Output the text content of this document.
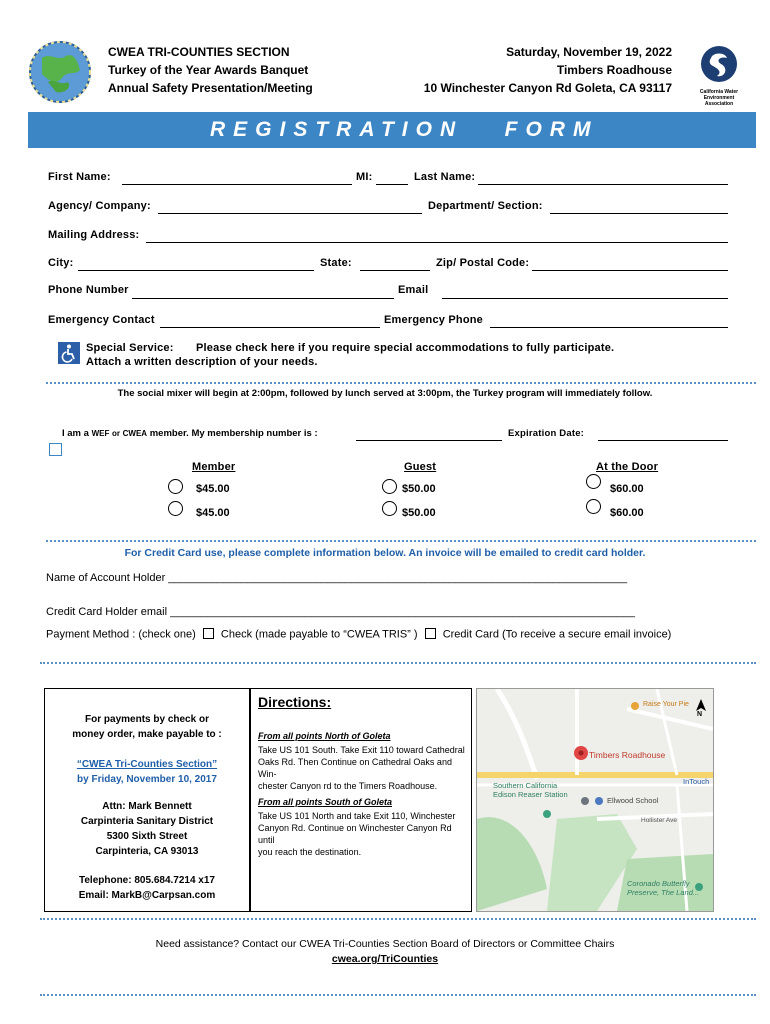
CWEA TRI-COUNTIES SECTION
Turkey of the Year Awards Banquet
Annual Safety Presentation/Meeting
Saturday, November 19, 2022
Timbers Roadhouse
10 Winchester Canyon Rd Goleta, CA 93117	California Water
Environment
Association
REGISTRATION   FORM
First Name:	MI:	Last Name:
Agency/ Company:	Department/ Section:
Mailing Address:
City:	State:	Zip/ Postal Code:
Phone Number	Email
Emergency Contact	Emergency Phone
Special Service: Please check here if you require special accommodations to fully participate.
Attach a written description of your needs.
The social mixer will begin at 2:00pm, followed by lunch served at 3:00pm, the Turkey program will immediately follow.
I am a WEF or CWEA member. My membership number is :	Expiration Date:
Member	Guest	At the Door
$45.00	$50.00	$60.00
$45.00	$50.00	$60.00
For Credit Card use, please complete information below. An invoice will be emailed to credit card holder.
Name of Account Holder ___________________________________________________________________________
Credit Card Holder email ____________________________________________________________________________
Payment Method : (check one) Check (made payable to “CWEA TRIS” ) Credit Card (To receive a secure email invoice)
For payments by check or
money order, make payable to :
“CWEA Tri-Counties Section”
by Friday, November 10, 2017
Attn: Mark Bennett
Carpinteria Sanitary District
5300 Sixth Street
Carpinteria, CA 93013
Telephone: 805.684.7214 x17
Email: MarkB@Carpsan.com
Directions:
From all points North of Goleta
Take US 101 South. Take Exit 110 toward Cathedral
Oaks Rd. Then Continue on Cathedral Oaks and Win-
chester Canyon rd to the Timers Roadhouse.
From all points South of Goleta
Take US 101 North and take Exit 110, Winchester
Canyon Rd. Continue on Winchester Canyon Rd until
you reach the destination.
Timbers Roadhouse
Raise Your Pie
Southern California
Edison Reaser Station
Ellwood School
InTouch
Hollister Ave
Coronado Butterfly
Preserve, The Land...
N
Need assistance? Contact our CWEA Tri-Counties Section Board of Directors or Committee Chairs
cwea.org/TriCounties
